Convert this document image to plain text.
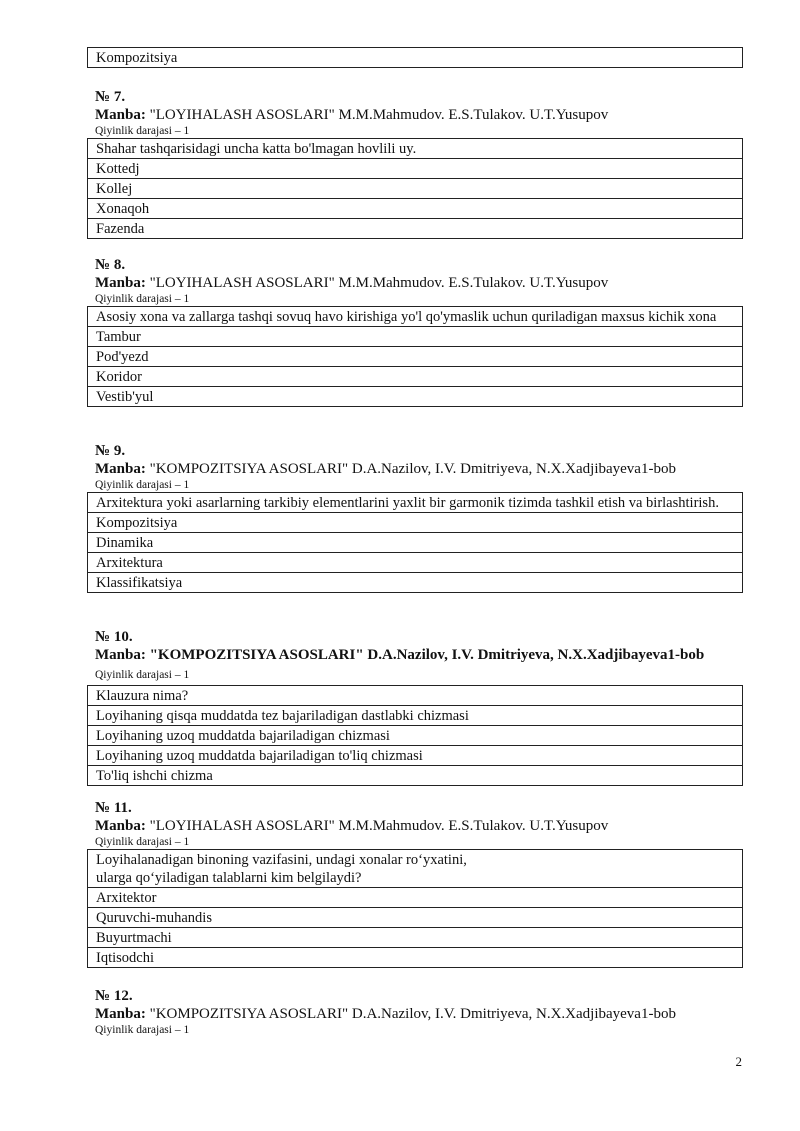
Kompozitsiya
№ 7.
Manba: "LOYIHALASH ASOSLARI" M.M.Mahmudov. E.S.Tulakov. U.T.Yusupov
Qiyinlik darajasi – 1
Shahar tashqarisidagi uncha katta bo'lmagan hovlili uy.
Kottedj
Kollej
Xonaqoh
Fazenda
№ 8.
Manba: "LOYIHALASH ASOSLARI" M.M.Mahmudov. E.S.Tulakov. U.T.Yusupov
Qiyinlik darajasi – 1
Asosiy xona va zallarga tashqi sovuq havo kirishiga yo'l qo'ymaslik uchun quriladigan maxsus kichik xona
Tambur
Pod'yezd
Koridor
Vestib'yul
№ 9.
Manba: "KOMPOZITSIYA ASOSLARI" D.A.Nazilov, I.V. Dmitriyeva, N.X.Xadjibayeva1-bob
Qiyinlik darajasi – 1
Arxitektura yoki asarlarning tarkibiy elementlarini yaxlit bir garmonik tizimda tashkil etish va birlashtirish.
Kompozitsiya
Dinamika
Arxitektura
Klassifikatsiya
№ 10.
Manba: "KOMPOZITSIYA ASOSLARI" D.A.Nazilov, I.V. Dmitriyeva, N.X.Xadjibayeva1-bob Qiyinlik darajasi – 1
Klauzura nima?
Loyihaning qisqa muddatda tez bajariladigan dastlabki chizmasi
Loyihaning uzoq muddatda bajariladigan chizmasi
Loyihaning uzoq muddatda bajariladigan to'liq chizmasi
To'liq ishchi chizma
№ 11.
Manba: "LOYIHALASH ASOSLARI" M.M.Mahmudov. E.S.Tulakov. U.T.Yusupov
Qiyinlik darajasi – 1
Loyihalanadigan binoning vazifasini, undagi xonalar ro‘yxatini,
ularga qo‘yiladigan talablarni kim belgilaydi?
Arxitektor
Quruvchi-muhandis
Buyurtmachi
Iqtisodchi
№ 12.
Manba: "KOMPOZITSIYA ASOSLARI" D.A.Nazilov, I.V. Dmitriyeva, N.X.Xadjibayeva1-bob
Qiyinlik darajasi – 1
2
